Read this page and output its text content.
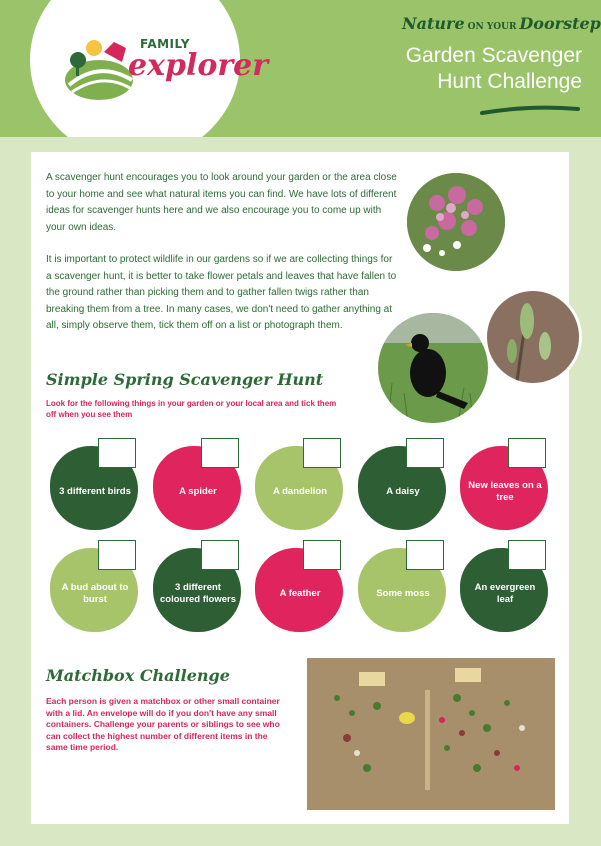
FAMILY
explorer
Nature ON YOUR Doorstep
Garden Scavenger
Hunt Challenge

A scavenger hunt encourages you to look around your garden or the area close to your home and see what natural items you can find. We have lots of different ideas for scavenger hunts here and we also encourage you to come up with your own ideas.

It is important to protect wildlife in our gardens so if we are collecting things for a scavenger hunt, it is better to take flower petals and leaves that have fallen to the ground rather than picking them and to gather fallen twigs rather than breaking them from a tree. In many cases, we don't need to gather anything at all, simply observe them, tick them off on a list or photograph them.

Simple Spring Scavenger Hunt
Look for the following things in your garden or your local area and tick them off when you see them
3 different birds	A spider	A dandelion	A daisy
New leaves on a tree
A bud about to burst
3 different coloured flowers
A feather	Some moss
An evergreen leaf
Matchbox Challenge
Each person is given a matchbox or other small container with a lid. An envelope will do if you don't have any small containers. Challenge your parents or siblings to see who can collect the highest number of different items in the same time period.
